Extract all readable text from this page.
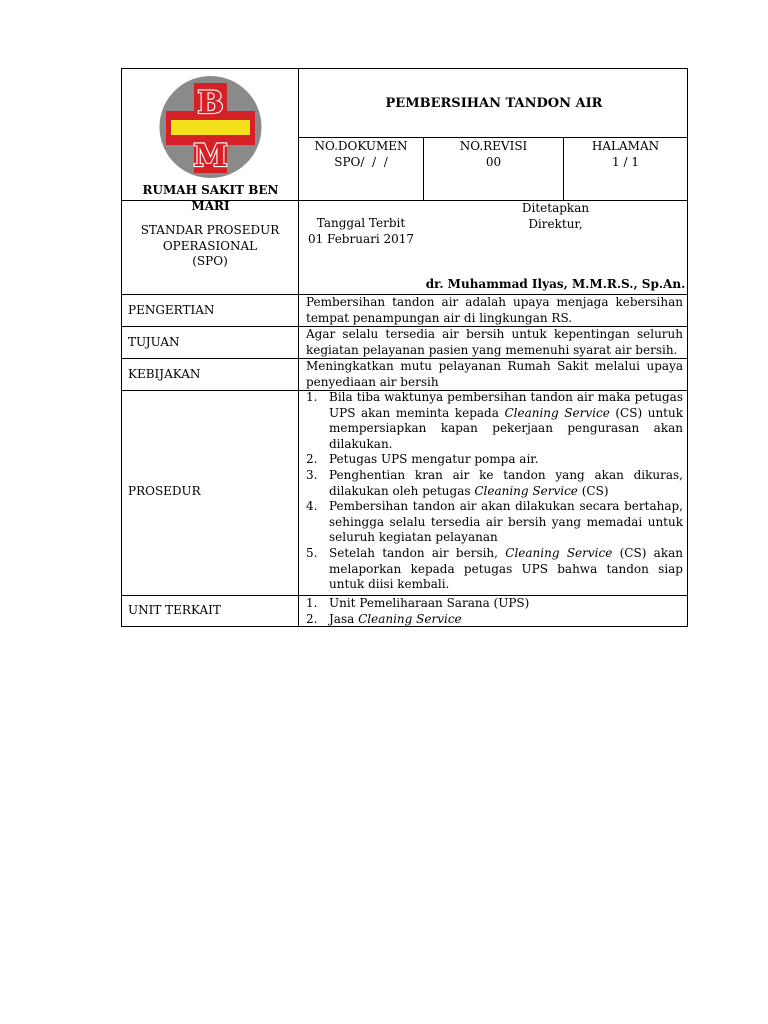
B
M
RUMAH SAKIT BEN MARI
PEMBERSIHAN TANDON AIR
NO.DOKUMEN
SPO/  /  /
NO.REVISI
00
HALAMAN
1 / 1
STANDAR PROSEDUR
OPERASIONAL
(SPO)
Tanggal Terbit
01 Februari 2017
Ditetapkan
Direktur,
dr. Muhammad Ilyas, M.M.R.S., Sp.An.
PENGERTIAN
Pembersihan tandon air adalah upaya menjaga kebersihan tempat penampungan air di lingkungan RS.
TUJUAN
Agar selalu tersedia air bersih untuk kepentingan seluruh kegiatan pelayanan pasien yang memenuhi syarat air bersih.
KEBIJAKAN
Meningkatkan mutu pelayanan Rumah Sakit melalui upaya penyediaan air bersih
PROSEDUR
1. Bila tiba waktunya pembersihan tandon air maka petugas UPS akan meminta kepada Cleaning Service (CS) untuk mempersiapkan kapan pekerjaan pengurasan akan dilakukan.
2. Petugas UPS mengatur pompa air.
3. Penghentian kran air ke tandon yang akan dikuras, dilakukan oleh petugas Cleaning Service (CS)
4. Pembersihan tandon air akan dilakukan secara bertahap, sehingga selalu tersedia air bersih yang memadai untuk seluruh kegiatan pelayanan
5. Setelah tandon air bersih, Cleaning Service (CS) akan melaporkan kepada petugas UPS bahwa tandon siap untuk diisi kembali.
UNIT TERKAIT	1. Unit Pemeliharaan Sarana (UPS)
2. Jasa Cleaning Service
